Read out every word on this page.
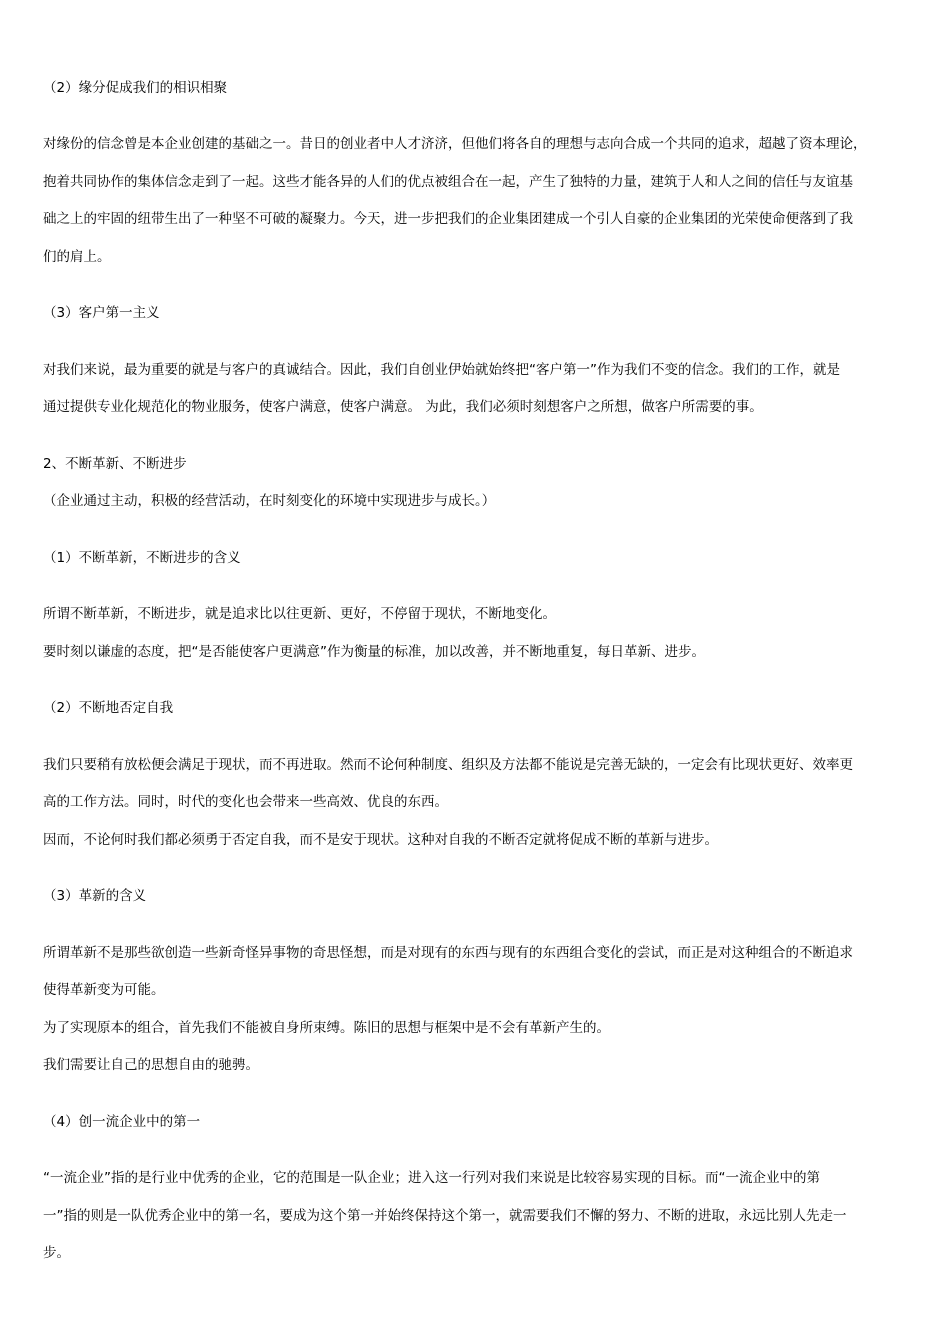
（2）缘分促成我们的相识相聚
对缘份的信念曾是本企业创建的基础之一。昔日的创业者中人才济济，但他们将各自的理想与志向合成一个共同的追求，超越了资本理论，
抱着共同协作的集体信念走到了一起。这些才能各异的人们的优点被组合在一起，产生了独特的力量，建筑于人和人之间的信任与友谊基
础之上的牢固的纽带生出了一种坚不可破的凝聚力。今天，进一步把我们的企业集团建成一个引人自豪的企业集团的光荣使命便落到了我
们的肩上。
（3）客户第一主义
对我们来说，最为重要的就是与客户的真诚结合。因此，我们自创业伊始就始终把“客户第一”作为我们不变的信念。我们的工作，就是
通过提供专业化规范化的物业服务，使客户满意，使客户满意。 为此，我们必须时刻想客户之所想，做客户所需要的事。
2、不断革新、不断进步
（企业通过主动，积极的经营活动，在时刻变化的环境中实现进步与成长。）
（1）不断革新，不断进步的含义
所谓不断革新，不断进步，就是追求比以往更新、更好，不停留于现状，不断地变化。
要时刻以谦虚的态度，把“是否能使客户更满意”作为衡量的标准，加以改善，并不断地重复，每日革新、进步。
（2）不断地否定自我
我们只要稍有放松便会满足于现状，而不再进取。然而不论何种制度、组织及方法都不能说是完善无缺的，一定会有比现状更好、效率更
高的工作方法。同时，时代的变化也会带来一些高效、优良的东西。
因而，不论何时我们都必须勇于否定自我，而不是安于现状。这种对自我的不断否定就将促成不断的革新与进步。
（3）革新的含义
所谓革新不是那些欲创造一些新奇怪异事物的奇思怪想，而是对现有的东西与现有的东西组合变化的尝试，而正是对这种组合的不断追求
使得革新变为可能。
为了实现原本的组合，首先我们不能被自身所束缚。陈旧的思想与框架中是不会有革新产生的。
我们需要让自己的思想自由的驰骋。
（4）创一流企业中的第一
“一流企业”指的是行业中优秀的企业，它的范围是一队企业；进入这一行列对我们来说是比较容易实现的目标。而“一流企业中的第
一”指的则是一队优秀企业中的第一名，要成为这个第一并始终保持这个第一，就需要我们不懈的努力、不断的进取，永远比别人先走一
步。
